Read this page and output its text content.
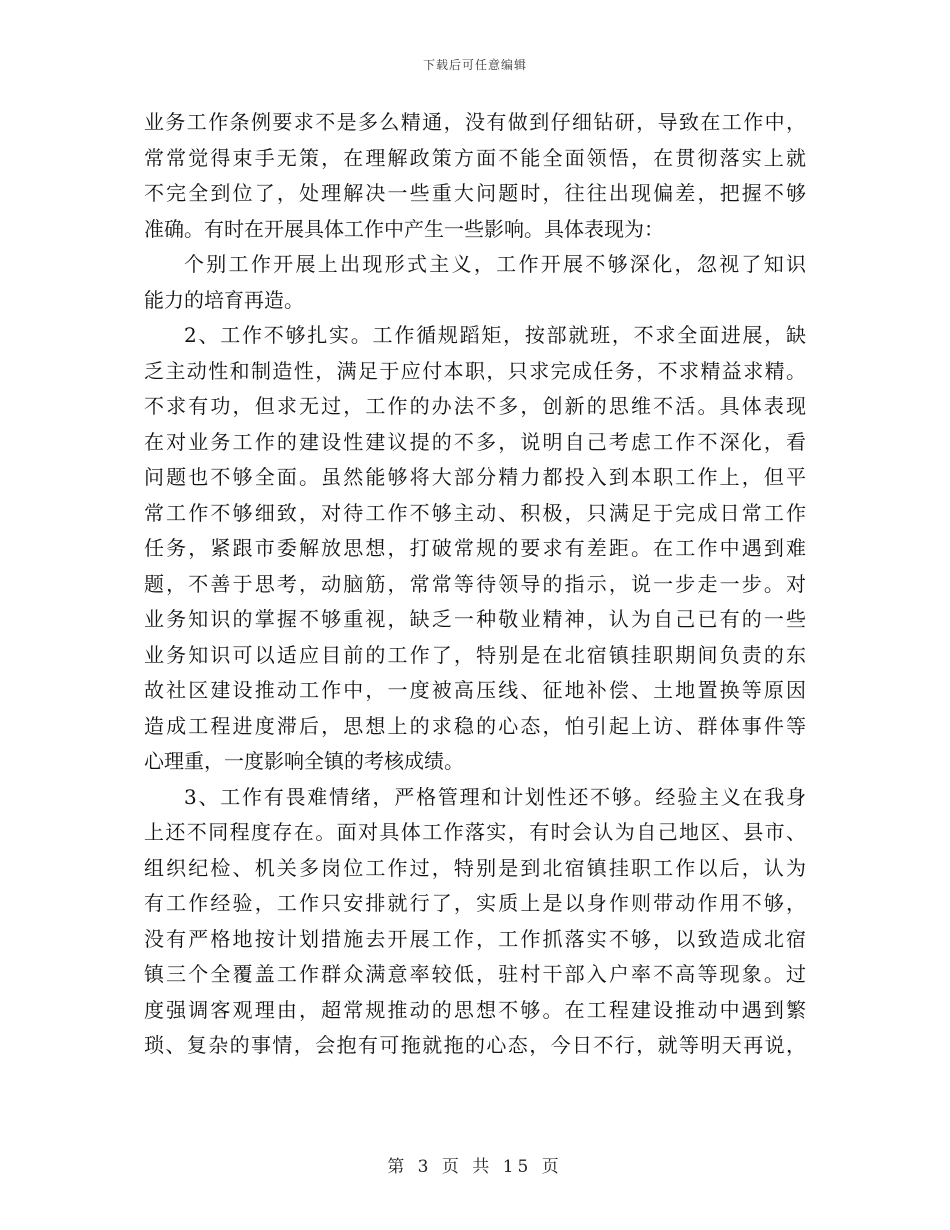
下载后可任意编辑
业务工作条例要求不是多么精通，没有做到仔细钻研，导致在工作中，
常常觉得束手无策，在理解政策方面不能全面领悟，在贯彻落实上就
不完全到位了，处理解决一些重大问题时，往往出现偏差，把握不够
准确。有时在开展具体工作中产生一些影响。具体表现为：
个别工作开展上出现形式主义，工作开展不够深化，忽视了知识
能力的培育再造。
2、工作不够扎实。工作循规蹈矩，按部就班，不求全面进展，缺
乏主动性和制造性，满足于应付本职，只求完成任务，不求精益求精。
不求有功，但求无过，工作的办法不多，创新的思维不活。具体表现
在对业务工作的建设性建议提的不多，说明自己考虑工作不深化，看
问题也不够全面。虽然能够将大部分精力都投入到本职工作上，但平
常工作不够细致，对待工作不够主动、积极，只满足于完成日常工作
任务，紧跟市委解放思想，打破常规的要求有差距。在工作中遇到难
题，不善于思考，动脑筋，常常等待领导的指示，说一步走一步。对
业务知识的掌握不够重视，缺乏一种敬业精神，认为自己已有的一些
业务知识可以适应目前的工作了，特别是在北宿镇挂职期间负责的东
故社区建设推动工作中，一度被高压线、征地补偿、土地置换等原因
造成工程进度滞后，思想上的求稳的心态，怕引起上访、群体事件等
心理重，一度影响全镇的考核成绩。
3、工作有畏难情绪，严格管理和计划性还不够。经验主义在我身
上还不同程度存在。面对具体工作落实，有时会认为自己地区、县市、
组织纪检、机关多岗位工作过，特别是到北宿镇挂职工作以后，认为
有工作经验，工作只安排就行了，实质上是以身作则带动作用不够，
没有严格地按计划措施去开展工作，工作抓落实不够，以致造成北宿
镇三个全覆盖工作群众满意率较低，驻村干部入户率不高等现象。过
度强调客观理由，超常规推动的思想不够。在工程建设推动中遇到繁
琐、复杂的事情，会抱有可拖就拖的心态，今日不行，就等明天再说，
第 3 页 共 15 页
